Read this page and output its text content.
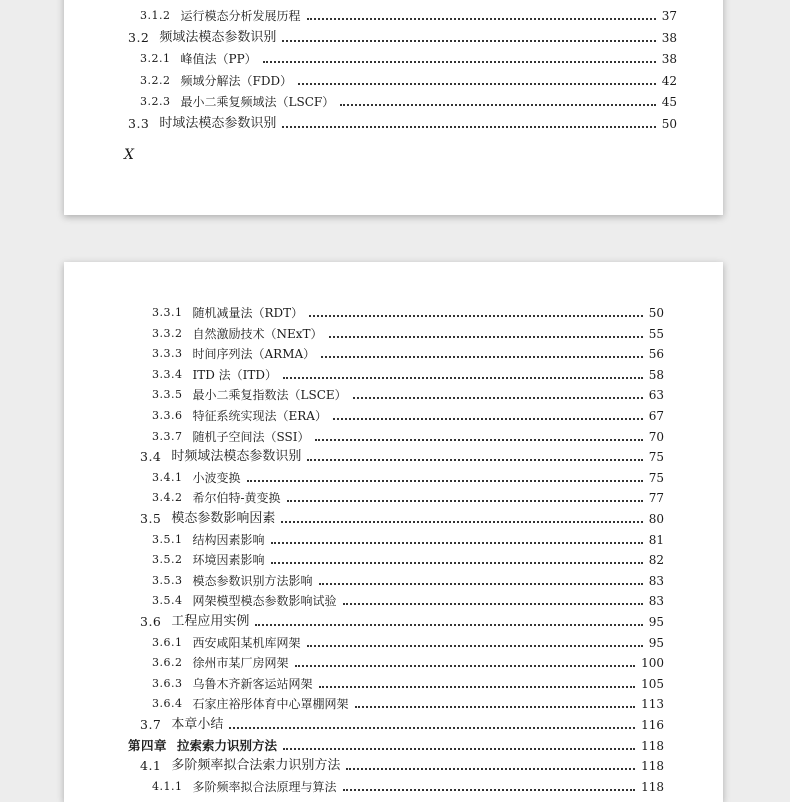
3.1.2 运行模态分析发展历程	37
3.2 频域法模态参数识别	38
3.2.1 峰值法（PP）	38
3.2.2 频域分解法（FDD）	42
3.2.3 最小二乘复频域法（LSCF）	45
3.3 时域法模态参数识别	50
X
3.3.1 随机减量法（RDT）	50
3.3.2 自然激励技术（NExT）	55
3.3.3 时间序列法（ARMA）	56
3.3.4 ITD 法（ITD）	58
3.3.5 最小二乘复指数法（LSCE）	63
3.3.6 特征系统实现法（ERA）	67
3.3.7 随机子空间法（SSI）	70
3.4 时频域法模态参数识别	75
3.4.1 小波变换	75
3.4.2 希尔伯特-黄变换	77
3.5 模态参数影响因素	80
3.5.1 结构因素影响	81
3.5.2 环境因素影响	82
3.5.3 模态参数识别方法影响	83
3.5.4 网架模型模态参数影响试验	83
3.6 工程应用实例	95
3.6.1 西安咸阳某机库网架	95
3.6.2 徐州市某厂房网架	100
3.6.3 乌鲁木齐新客运站网架	105
3.6.4 石家庄裕彤体育中心罩棚网架	113
3.7 本章小结	116
第四章 拉索索力识别方法	118
4.1 多阶频率拟合法索力识别方法	118
4.1.1 多阶频率拟合法原理与算法	118
